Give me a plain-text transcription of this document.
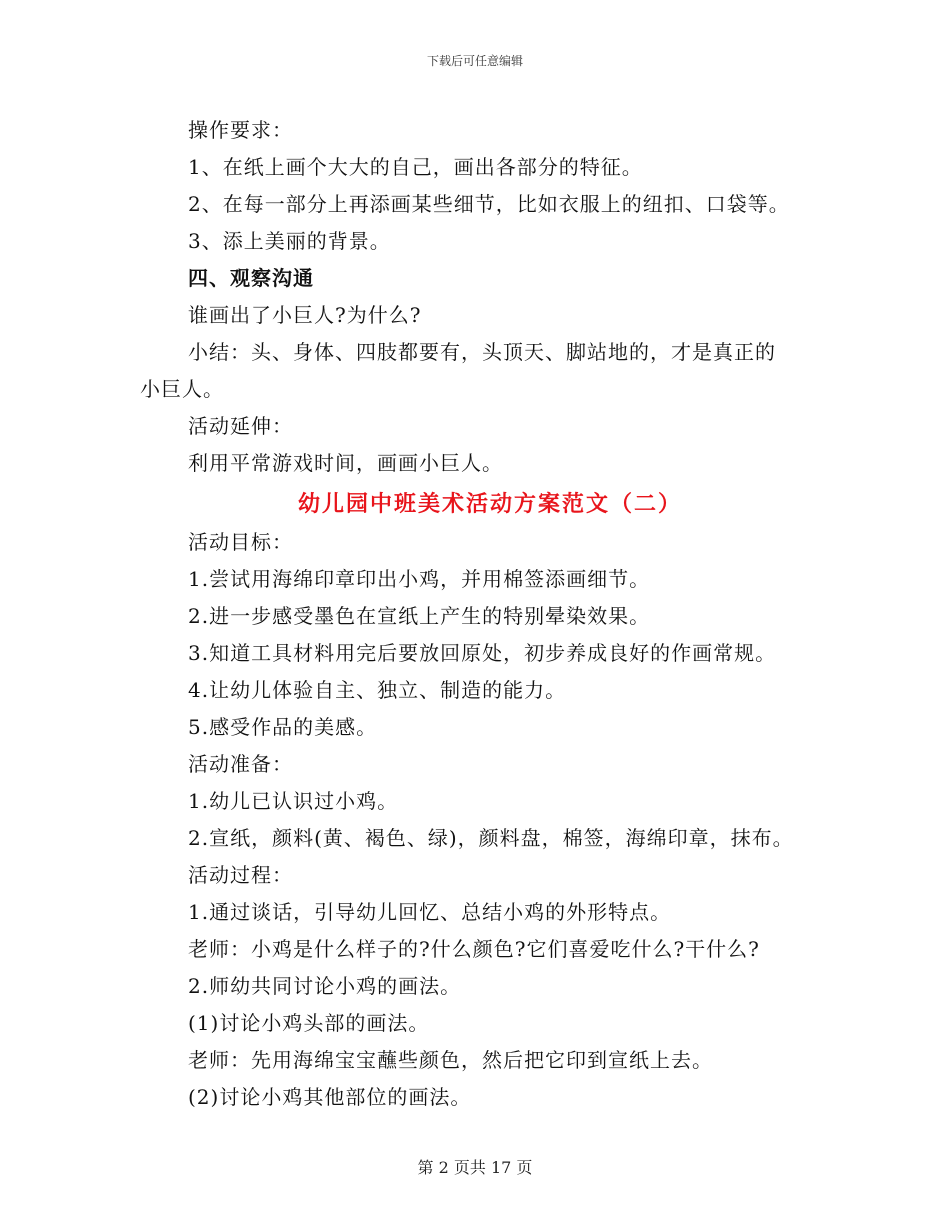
下载后可任意编辑
操作要求：
1、在纸上画个大大的自己，画出各部分的特征。
2、在每一部分上再添画某些细节，比如衣服上的纽扣、口袋等。
3、添上美丽的背景。
四、观察沟通
谁画出了小巨人?为什么?
小结：头、身体、四肢都要有，头顶天、脚站地的，才是真正的
小巨人。
活动延伸：
利用平常游戏时间，画画小巨人。
幼儿园中班美术活动方案范文（二）
活动目标：
1.尝试用海绵印章印出小鸡，并用棉签添画细节。
2.进一步感受墨色在宣纸上产生的特别晕染效果。
3.知道工具材料用完后要放回原处，初步养成良好的作画常规。
4.让幼儿体验自主、独立、制造的能力。
5.感受作品的美感。
活动准备：
1.幼儿已认识过小鸡。
2.宣纸，颜料(黄、褐色、绿)，颜料盘，棉签，海绵印章，抹布。
活动过程：
1.通过谈话，引导幼儿回忆、总结小鸡的外形特点。
老师：小鸡是什么样子的?什么颜色?它们喜爱吃什么?干什么?
2.师幼共同讨论小鸡的画法。
(1)讨论小鸡头部的画法。
老师：先用海绵宝宝蘸些颜色，然后把它印到宣纸上去。
(2)讨论小鸡其他部位的画法。
第 2 页共 17 页
